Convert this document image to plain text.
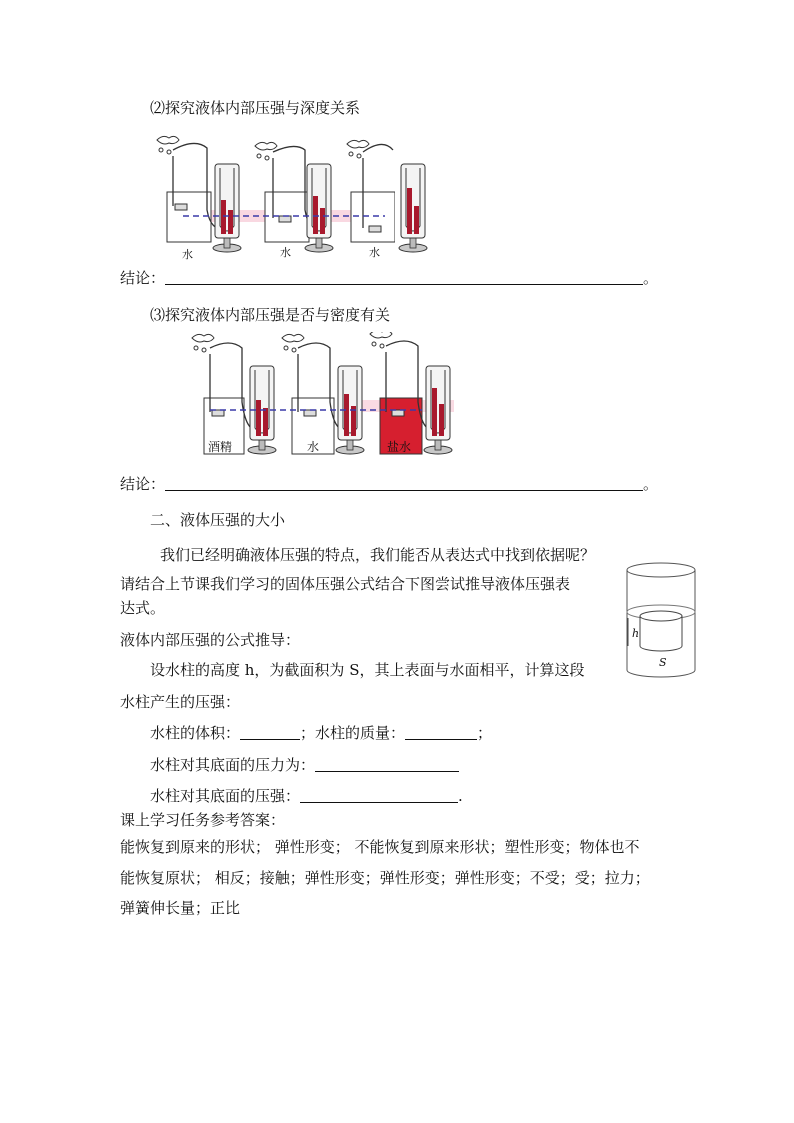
⑵探究液体内部压强与深度关系
水	水	水
结论：	。
⑶探究液体内部压强是否与密度有关
酒精	水	盐水
结论：	。
二、液体压强的大小
我们已经明确液体压强的特点，我们能否从表达式中找到依据呢？
请结合上节课我们学习的固体压强公式结合下图尝试推导液体压强表
达式。
液体内部压强的公式推导：	h
S
设水柱的高度 h，为截面积为 S，其上表面与水面相平，计算这段
水柱产生的压强：
水柱的体积：	；水柱的质量：	；
水柱对其底面的压力为：
水柱对其底面的压强：	.
课上学习任务参考答案：
能恢复到原来的形状； 弹性形变； 不能恢复到原来形状；塑性形变；物体也不
能恢复原状； 相反；接触；弹性形变；弹性形变；弹性形变；不受；受；拉力；
弹簧伸长量；正比
